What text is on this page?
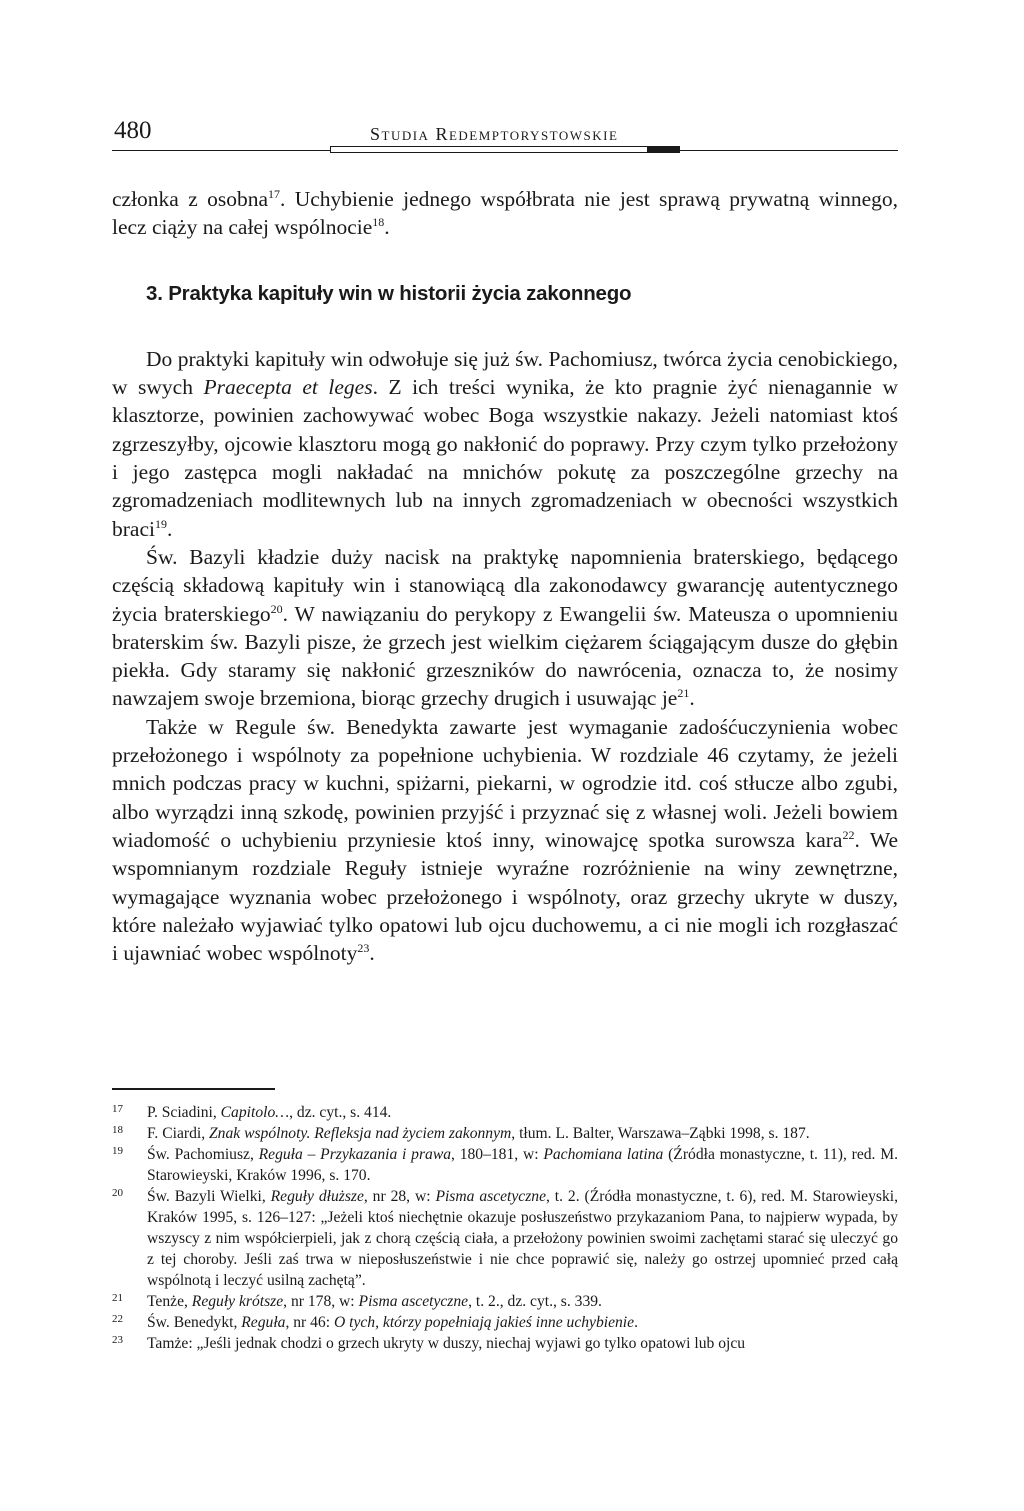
480	Studia Redemptorystowskie

członka z osobna$^{17}$. Uchybienie jednego współbrata nie jest sprawą prywatną winnego, lecz ciąży na całej wspólnocie$^{18}$.

3. Praktyka kapituły win w historii życia zakonnego

Do praktyki kapituły win odwołuje się już św. Pachomiusz, twórca życia cenobickiego, w swych Praecepta et leges. Z ich treści wynika, że kto pragnie żyć nienagannie w klasztorze, powinien zachowywać wobec Boga wszystkie nakazy. Jeżeli natomiast ktoś zgrzeszyłby, ojcowie klasztoru mogą go nakłonić do poprawy. Przy czym tylko przełożony i jego zastępca mogli nakładać na mnichów pokutę za poszczególne grzechy na zgromadzeniach modlitewnych lub na innych zgromadzeniach w obecności wszystkich braci$^{19}$.

Św. Bazyli kładzie duży nacisk na praktykę napomnienia braterskiego, będącego częścią składową kapituły win i stanowiącą dla zakonodawcy gwarancję autentycznego życia braterskiego$^{20}$. W nawiązaniu do perykopy z Ewangelii św. Mateusza o upomnieniu braterskim św. Bazyli pisze, że grzech jest wielkim ciężarem ściągającym dusze do głębin piekła. Gdy staramy się nakłonić grzeszników do nawrócenia, oznacza to, że nosimy nawzajem swoje brzemiona, biorąc grzechy drugich i usuwając $je^{21}$.

Także w Regule św. Benedykta zawarte jest wymaganie zadośćuczynienia wobec przełożonego i wspólnoty za popełnione uchybienia. W rozdziale 46 czytamy, że jeżeli mnich podczas pracy w kuchni, spiżarni, piekarni, w ogrodzie itd. coś stłucze albo zgubi, albo wyrządzi inną szkodę, powinien przyjść i przyznać się z własnej woli. Jeżeli bowiem wiadomość o uchybieniu przyniesie ktoś inny, winowajcę spotka surowsza kara$^{22}$. We wspomnianym rozdziale Reguły istnieje wyraźne rozróżnienie na winy zewnętrzne, wymagające wyznania wobec przełożonego i wspólnoty, oraz grzechy ukryte w duszy, które należało wyjawiać tylko opatowi lub ojcu duchowemu, a ci nie mogli ich rozgłaszać i ujawniać wobec wspólnoty$^{23}$.

17 P. Sciadini, Capitolo…, dz. cyt., s. 414.

18 F. Ciardi, Znak wspólnoty. Refleksja nad życiem zakonnym, tłum. L. Balter, Warszawa–Ząbki 1998, s. 187.

19 Św. Pachomiusz, Reguła – Przykazania i prawa, 180–181, w: Pachomiana latina (Źródła monastyczne, t. 11), red. M. Starowieyski, Kraków 1996, s. 170.

20 Św. Bazyli Wielki, Reguły dłuższe, nr 28, w: Pisma ascetyczne, t. 2. (Źródła monastyczne, t. 6), red. M. Starowieyski, Kraków 1995, s. 126–127: „Jeżeli ktoś niechętnie okazuje posłuszeństwo przykazaniom Pana, to najpierw wypada, by wszyscy z nim współcierpieli, jak z chorą częścią ciała, a przełożony powinien swoimi zachętami starać się uleczyć go z tej choroby. Jeśli zaś trwa w nieposłuszeństwie i nie chce poprawić się, należy go ostrzej upomnieć przed całą wspólnotą i leczyć usilną zachętą”.

21 Tenże, Reguły krótsze, nr 178, w: Pisma ascetyczne, t. 2., dz. cyt., s. 339.

22 Św. Benedykt, Reguła, nr 46: O tych, którzy popełniają jakieś inne uchybienie.

23 Tamże: „Jeśli jednak chodzi o grzech ukryty w duszy, niechaj wyjawi go tylko opatowi lub ojcu
